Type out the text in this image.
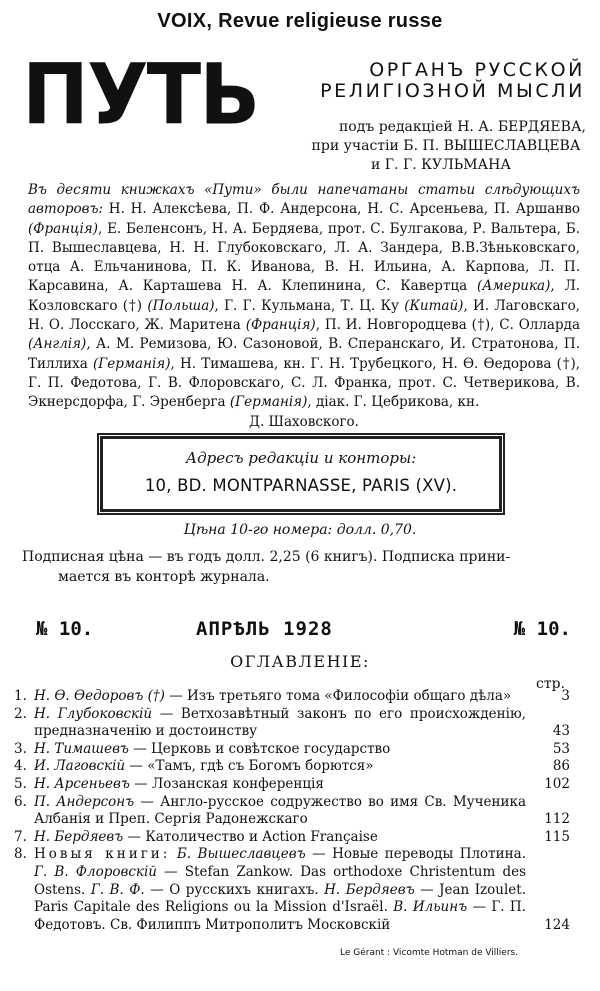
VOIX, Revue religieuse russe
ПУТЬ	ОРГАНЪ РУССКОЙ
РЕЛИГІОЗНОЙ МЫСЛИ
подъ редакціей Н. А. БЕРДЯЕВА,
при участіи Б. П. ВЫШЕСЛАВЦЕВА
и Г. Г. КУЛЬМАНА
Въ десяти книжкахъ «Пути» были напечатаны статьи слѣдующихъ авторовъ: Н. Н. Алексѣева, П. Ф. Андерсона, Н. С. Арсеньева, П. Аршанво (Франція), Е. Беленсонъ, Н. А. Бердяева, прот. С. Булгакова, Р. Вальтера, Б. П. Вышеславцева, Н. Н. Глубоковскаго, Л. А. Зандера, В.В.Зѣньковскаго, отца А. Ельчанинова, П. К. Иванова, В. Н. Ильина, А. Карпова, Л. П. Карсавина, А. Карташева Н. А. Клепинина, С. Кавертца (Америка), Л. Козловскаго (†) (Польша), Г. Г. Кульмана, Т. Ц. Ку (Китай), И. Лаговскаго, Н. О. Лосскаго, Ж. Маритена (Франція), П. И. Новгородцева (†), С. Олларда (Англія), А. М. Ремизова, Ю. Сазоновой, В. Сперанскаго, И. Стратонова, П. Тиллиха (Германія), Н. Тимашева, кн. Г. Н. Трубецкого, Н. Ѳ. Ѳедорова (†), Г. П. Федотова, Г. В. Флоровскаго, С. Л. Франка, прот. С. Четверикова, В. Экнерсдорфа, Г. Эренберга (Германія), діак. Г. Цебрикова, кн.
Д. Шаховского.
Адресъ редакціи и конторы:
10, BD. MONTPARNASSE, PARIS (XV).
Цѣна 10-го номера: долл. 0,70.
Подписная цѣна — въ годъ долл. 2,25 (6 книгъ). Подписка прини-
мается въ конторѣ журнала.
№ 10.	АПРѢЛЬ 1928	№ 10.
ОГЛАВЛЕНІЕ:
стр.
1. Н. Ѳ. Ѳедоровъ (†) — Изъ третьяго тома «Философіи общаго дѣла»	3
2. Н. Глубоковскій — Ветхозавѣтный законъ по его происхожденію, предназначенію и достоинству	43
3. Н. Тимашевъ — Церковь и совѣтское государство	53
4. И. Лаговскій — «Тамъ, гдѣ съ Богомъ борются»	86
5. Н. Арсеньевъ — Лозанская конференція	102
6. П. Андерсонъ — Англо-русское содружество во имя Св. Мученика Албанія и Преп. Сергія Радонежскаго	112
7. Н. Бердяевъ — Католичество и Action Française	115
8. Новыя книги: Б. Вышеславцевъ — Новые переводы Плотина. Г. В. Флоровскій — Stefan Zankow. Das orthodoxe Christentum des Ostens. Г. В. Ф. — О русскихъ книгахъ. Н. Бердяевъ — Jean Izoulet. Paris Capitale des Religions ou la Mission d'Israël. В. Ильинъ — Г. П. Федотовъ. Св. Филиппъ Митрополитъ Московскій	124
Le Gérant : Vicomte Hotman de Villiers.
